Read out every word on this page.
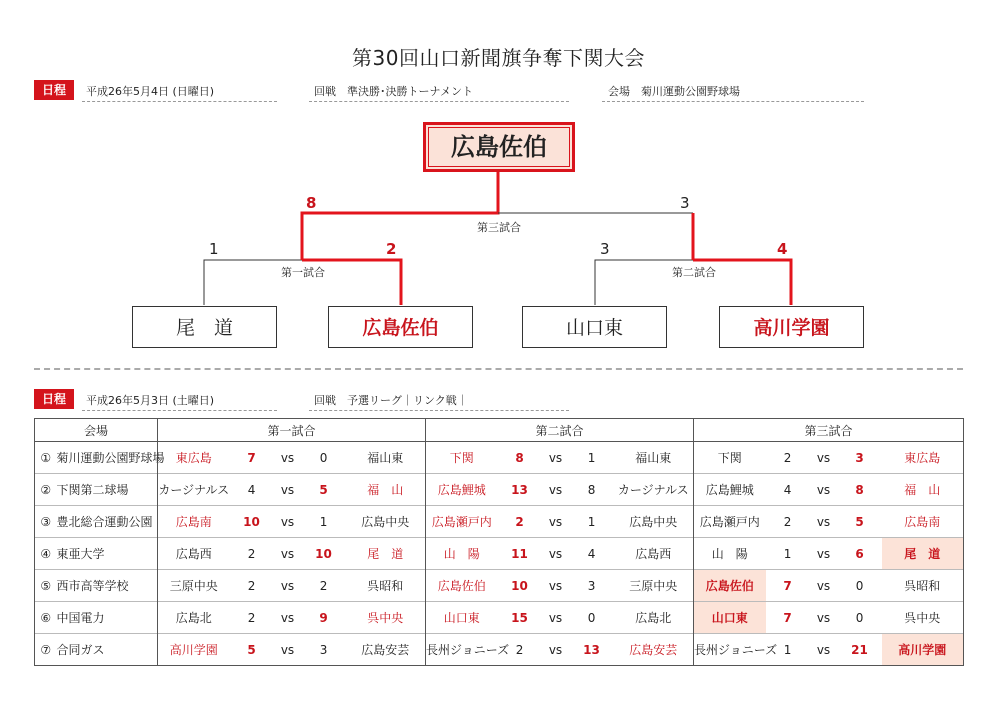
第30回山口新聞旗争奪下関大会
日程	平成26年5月4日 (日曜日)	回戦　準決勝･決勝トーナメント	会場　菊川運動公園野球場
広島佐伯
8	3
第三試合
1	2
第一試合
3	4
第二試合
尾　道	広島佐伯	山口東	高川学園
日程	平成26年5月3日 (土曜日)	回戦　予選リーグ｜リンク戦｜
会場		第一試合					第二試合					第三試合				
①	菊川運動公園野球場	東広島	7	vs	0	福山東	下関	8	vs	1	福山東	下関	2	vs	3	東広島
②	下関第二球場	カージナルス	4	vs	5	福　山	広島鯉城	13	vs	8	カージナルス	広島鯉城	4	vs	8	福　山
③	豊北総合運動公園	広島南	10	vs	1	広島中央	広島瀬戸内	2	vs	1	広島中央	広島瀬戸内	2	vs	5	広島南
④	東亜大学	広島西	2	vs	10	尾　道	山　陽	11	vs	4	広島西	山　陽	1	vs	6	尾　道
⑤	西市高等学校	三原中央	2	vs	2	呉昭和	広島佐伯	10	vs	3	三原中央	広島佐伯	7	vs	0	呉昭和
⑥	中国電力	広島北	2	vs	9	呉中央	山口東	15	vs	0	広島北	山口東	7	vs	0	呉中央
⑦	合同ガス	高川学園	5	vs	3	広島安芸	長州ジョニーズ	2	vs	13	広島安芸	長州ジョニーズ	1	vs	21	高川学園
